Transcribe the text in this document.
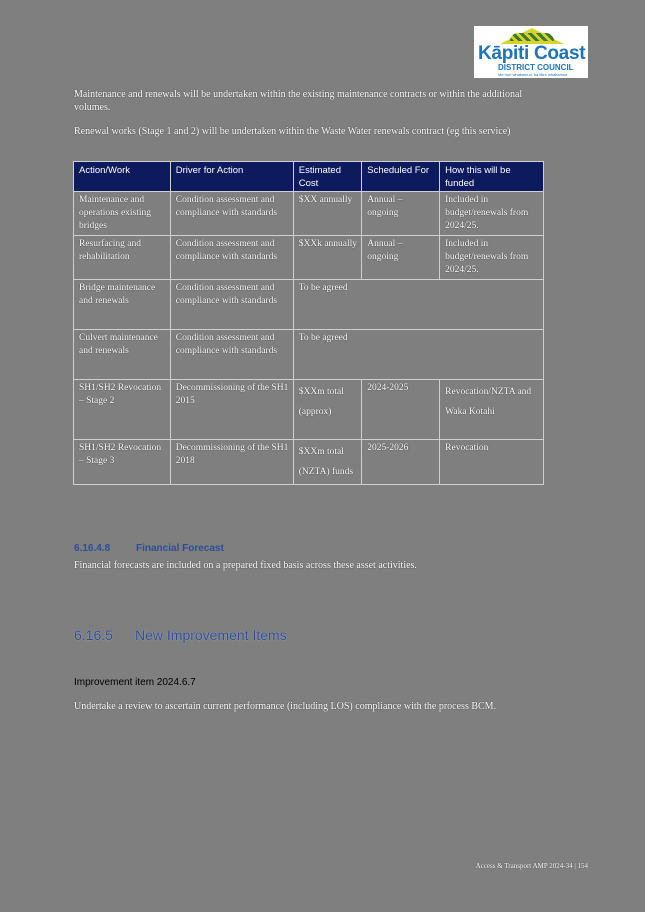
Kāpiti Coast
DISTRICT COUNCIL
Me huri whakamuri, ka titiro whakamua
Maintenance and renewals will be undertaken within the existing maintenance contracts or within the additional volumes.
Renewal works (Stage 1 and 2) will be undertaken within the Waste Water renewals contract (eg this service)
Action/Work	Driver for Action	Estimated Cost	Scheduled For	How this will be funded
Maintenance and operations existing bridges	Condition assessment and compliance with standards	$XX annually	Annual – ongoing	Included in budget/renewals from 2024/25.
Resurfacing and rehabilitation	Condition assessment and compliance with standards	$XXk annually	Annual – ongoing	Included in budget/renewals from 2024/25.
Bridge maintenance and renewals	Condition assessment and compliance with standards	To be agreed		
Culvert maintenance and renewals	Condition assessment and compliance with standards	To be agreed		
SH1/SH2 Revocation – Stage 2	Decommissioning of the SH1 2015	$XXm total (approx)	2024-2025	Revocation/NZTA and Waka Kotahi
SH1/SH2 Revocation – Stage 3	Decommissioning of the SH1 2018	$XXm total (NZTA) funds	2025-2026	Revocation
6.16.4.8	Financial Forecast
Financial forecasts are included on a prepared fixed basis across these asset activities.
6.16.5 New Improvement Items
Improvement item 2024.6.7
Undertake a review to ascertain current performance (including LOS) compliance with the process BCM.
Access & Transport AMP 2024-34 | 154
